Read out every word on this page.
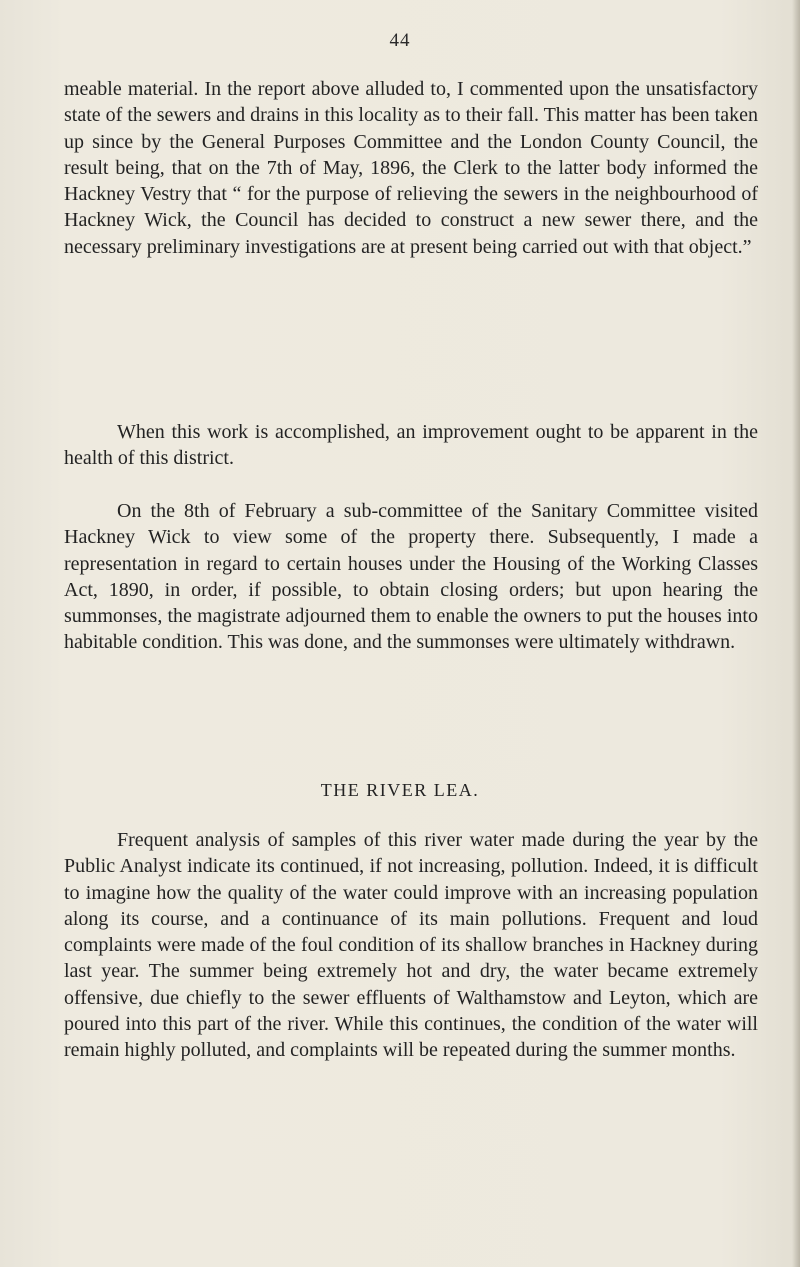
44
meable material. In the report above alluded to, I commented upon the unsatisfactory state of the sewers and drains in this locality as to their fall. This matter has been taken up since by the General Purposes Committee and the London County Council, the result being, that on the 7th of May, 1896, the Clerk to the latter body informed the Hackney Vestry that “ for the purpose of relieving the sewers in the neighbourhood of Hackney Wick, the Council has decided to construct a new sewer there, and the necessary preliminary investigations are at present being carried out with that object.”
When this work is accomplished, an improvement ought to be apparent in the health of this district.
On the 8th of February a sub-committee of the Sanitary Committee visited Hackney Wick to view some of the property there. Subsequently, I made a representation in regard to certain houses under the Housing of the Working Classes Act, 1890, in order, if possible, to obtain closing orders; but upon hearing the summonses, the magistrate adjourned them to enable the owners to put the houses into habitable condition. This was done, and the summonses were ultimately withdrawn.
THE RIVER LEA.
Frequent analysis of samples of this river water made during the year by the Public Analyst indicate its continued, if not increasing, pollution. Indeed, it is difficult to imagine how the quality of the water could improve with an increasing population along its course, and a continuance of its main pollutions. Frequent and loud complaints were made of the foul condition of its shallow branches in Hackney during last year. The summer being extremely hot and dry, the water became extremely offensive, due chiefly to the sewer effluents of Walthamstow and Leyton, which are poured into this part of the river. While this continues, the condition of the water will remain highly polluted, and complaints will be repeated during the summer months.
